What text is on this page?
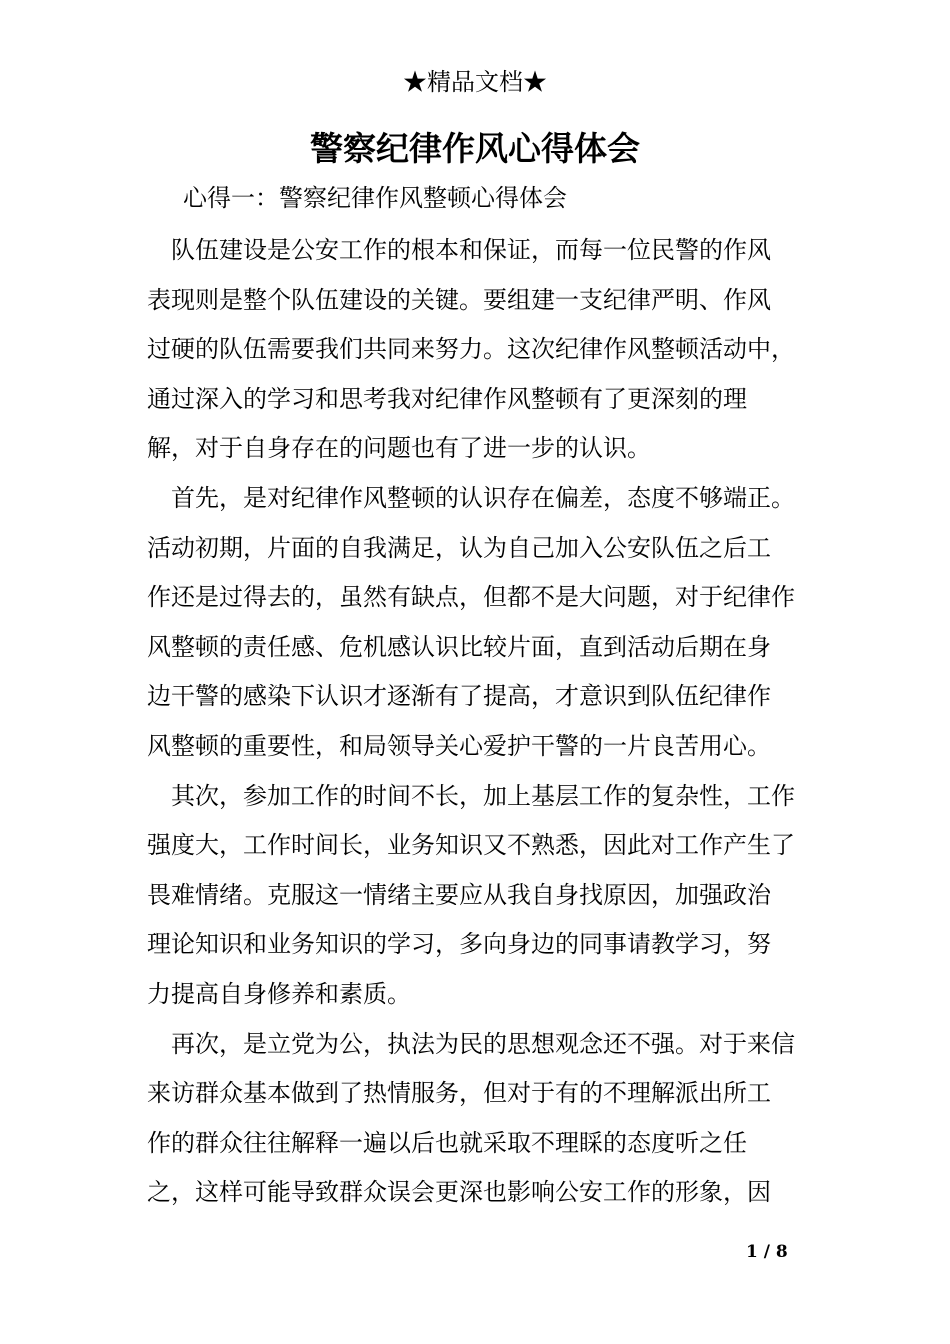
★精品文档★
警察纪律作风心得体会
心得一：警察纪律作风整顿心得体会
队伍建设是公安工作的根本和保证，而每一位民警的作风
表现则是整个队伍建设的关键。要组建一支纪律严明、作风
过硬的队伍需要我们共同来努力。这次纪律作风整顿活动中，
通过深入的学习和思考我对纪律作风整顿有了更深刻的理
解，对于自身存在的问题也有了进一步的认识。
首先，是对纪律作风整顿的认识存在偏差，态度不够端正。
活动初期，片面的自我满足，认为自己加入公安队伍之后工
作还是过得去的，虽然有缺点，但都不是大问题，对于纪律作
风整顿的责任感、危机感认识比较片面，直到活动后期在身
边干警的感染下认识才逐渐有了提高，才意识到队伍纪律作
风整顿的重要性，和局领导关心爱护干警的一片良苦用心。
其次，参加工作的时间不长，加上基层工作的复杂性，工作
强度大，工作时间长，业务知识又不熟悉，因此对工作产生了
畏难情绪。克服这一情绪主要应从我自身找原因，加强政治
理论知识和业务知识的学习，多向身边的同事请教学习，努
力提高自身修养和素质。
再次，是立党为公，执法为民的思想观念还不强。对于来信
来访群众基本做到了热情服务，但对于有的不理解派出所工
作的群众往往解释一遍以后也就采取不理睬的态度听之任
之，这样可能导致群众误会更深也影响公安工作的形象，因
1 / 8
